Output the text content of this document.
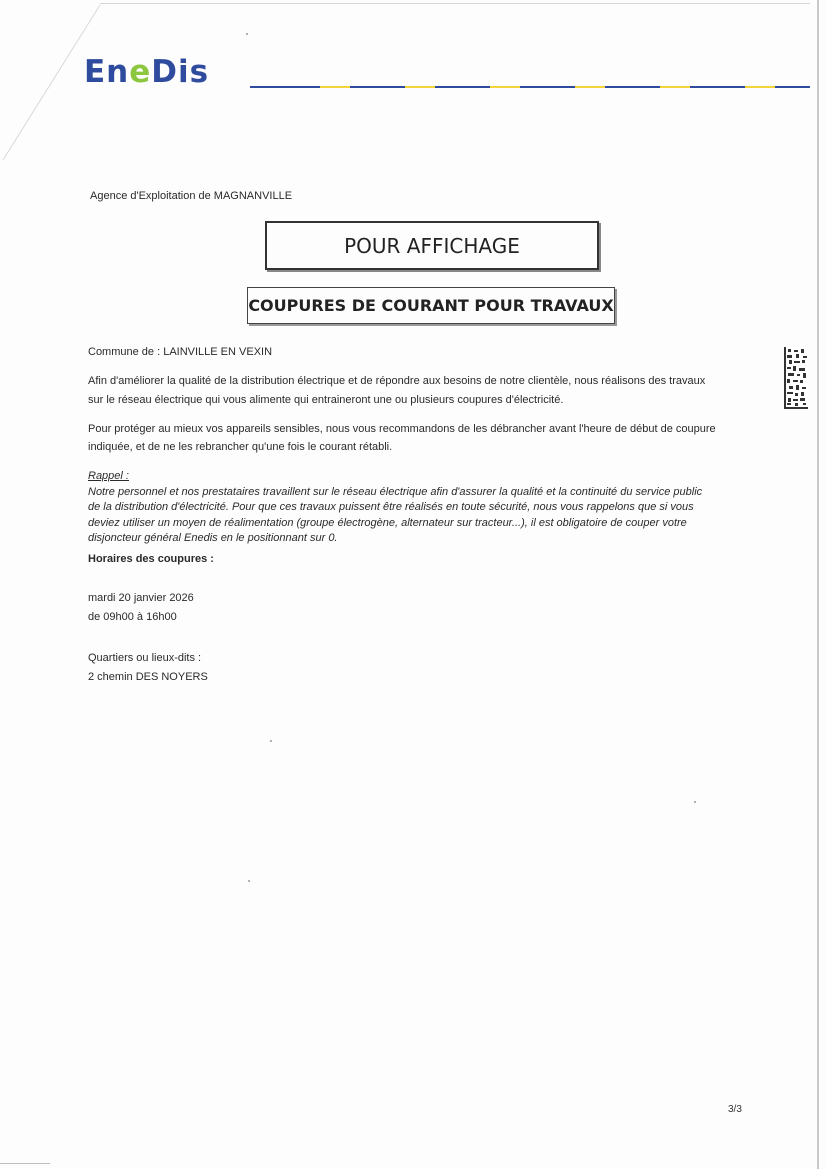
EneDis
Agence d'Exploitation de MAGNANVILLE
POUR AFFICHAGE
COUPURES DE COURANT POUR TRAVAUX
Commune de : LAINVILLE EN VEXIN
Afin d'améliorer la qualité de la distribution électrique et de répondre aux besoins de notre clientèle, nous réalisons des travaux
sur le réseau électrique qui vous alimente qui entraineront une ou plusieurs coupures d'électricité.
Pour protéger au mieux vos appareils sensibles, nous vous recommandons de les débrancher avant l'heure de début de coupure
indiquée, et de ne les rebrancher qu'une fois le courant rétabli.
Rappel :
Notre personnel et nos prestataires travaillent sur le réseau électrique afin d'assurer la qualité et la continuité du service public
de la distribution d'électricité. Pour que ces travaux puissent être réalisés en toute sécurité, nous vous rappelons que si vous
deviez utiliser un moyen de réalimentation (groupe électrogène, alternateur sur tracteur...), il est obligatoire de couper votre
disjoncteur général Enedis en le positionnant sur 0.
Horaires des coupures :
mardi 20 janvier 2026
de 09h00 à 16h00
Quartiers ou lieux-dits :
2 chemin DES NOYERS
3/3
